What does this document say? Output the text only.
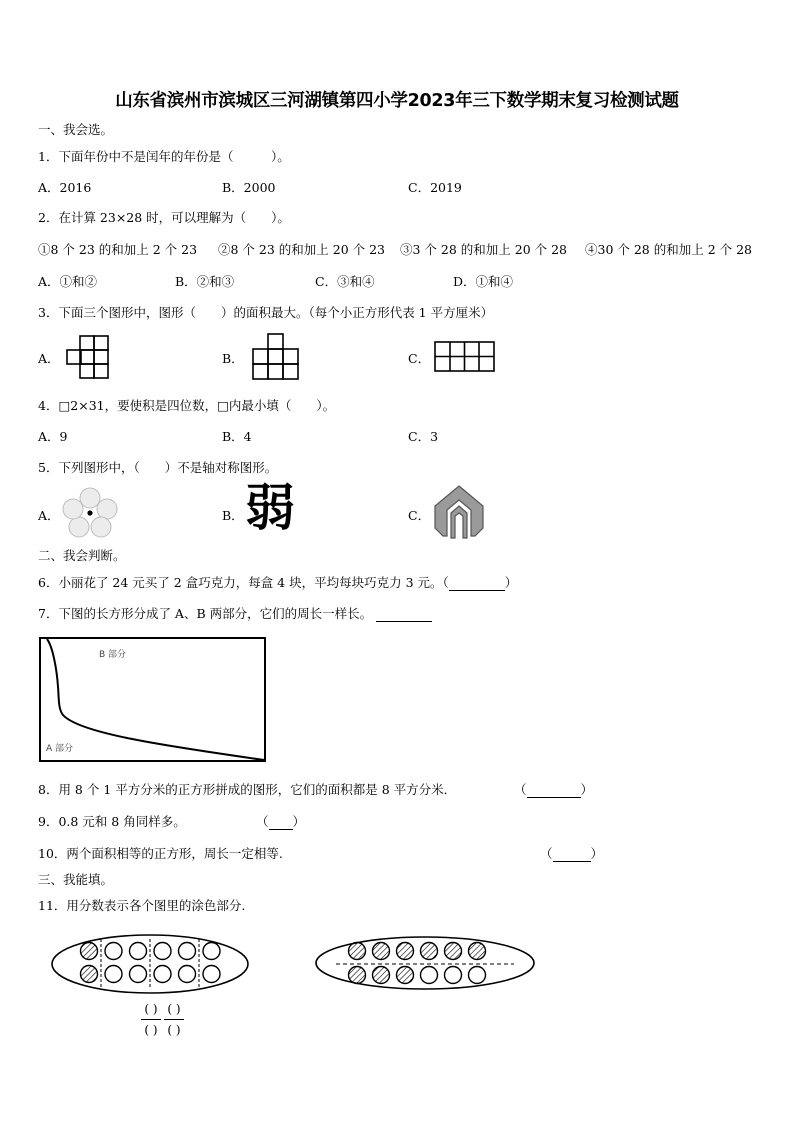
山东省滨州市滨城区三河湖镇第四小学2023年三下数学期末复习检测试题
一、我会选。
1．下面年份中不是闰年的年份是（　　　）。
A．2016	B．2000	C．2019
2．在计算 23×28 时，可以理解为（　　）。
①8 个 23 的和加上 2 个 23 ②8 个 23 的和加上 20 个 23 ③3 个 28 的和加上 20 个 28 ④30 个 28 的和加上 2 个 28
A．①和②	B．②和③	C．③和④	D．①和④
3．下面三个图形中，图形（　　）的面积最大。（每个小正方形代表 1 平方厘米）
A．	B．	C．
4．□2×31，要使积是四位数，□内最小填（　　）。
A．9	B．4	C．3
5．下列图形中，（　　）不是轴对称图形。
A．	B．	C．
弱
二、我会判断。
6．小丽花了 24 元买了 2 盒巧克力，每盒 4 块，平均每块巧克力 3 元。（	）
7．下图的长方形分成了 A、B 两部分，它们的周长一样长。
B 部分
A 部分
8．用 8 个 1 平方分米的正方形拼成的图形，它们的面积都是 8 平方分米．	（	）
9．0.8 元和 8 角同样多。	（ ）
10．两个面积相等的正方形，周长一定相等.	（	）
三、我能填。
11．用分数表示各个图里的涂色部分.
( )
( )
( )
( )
